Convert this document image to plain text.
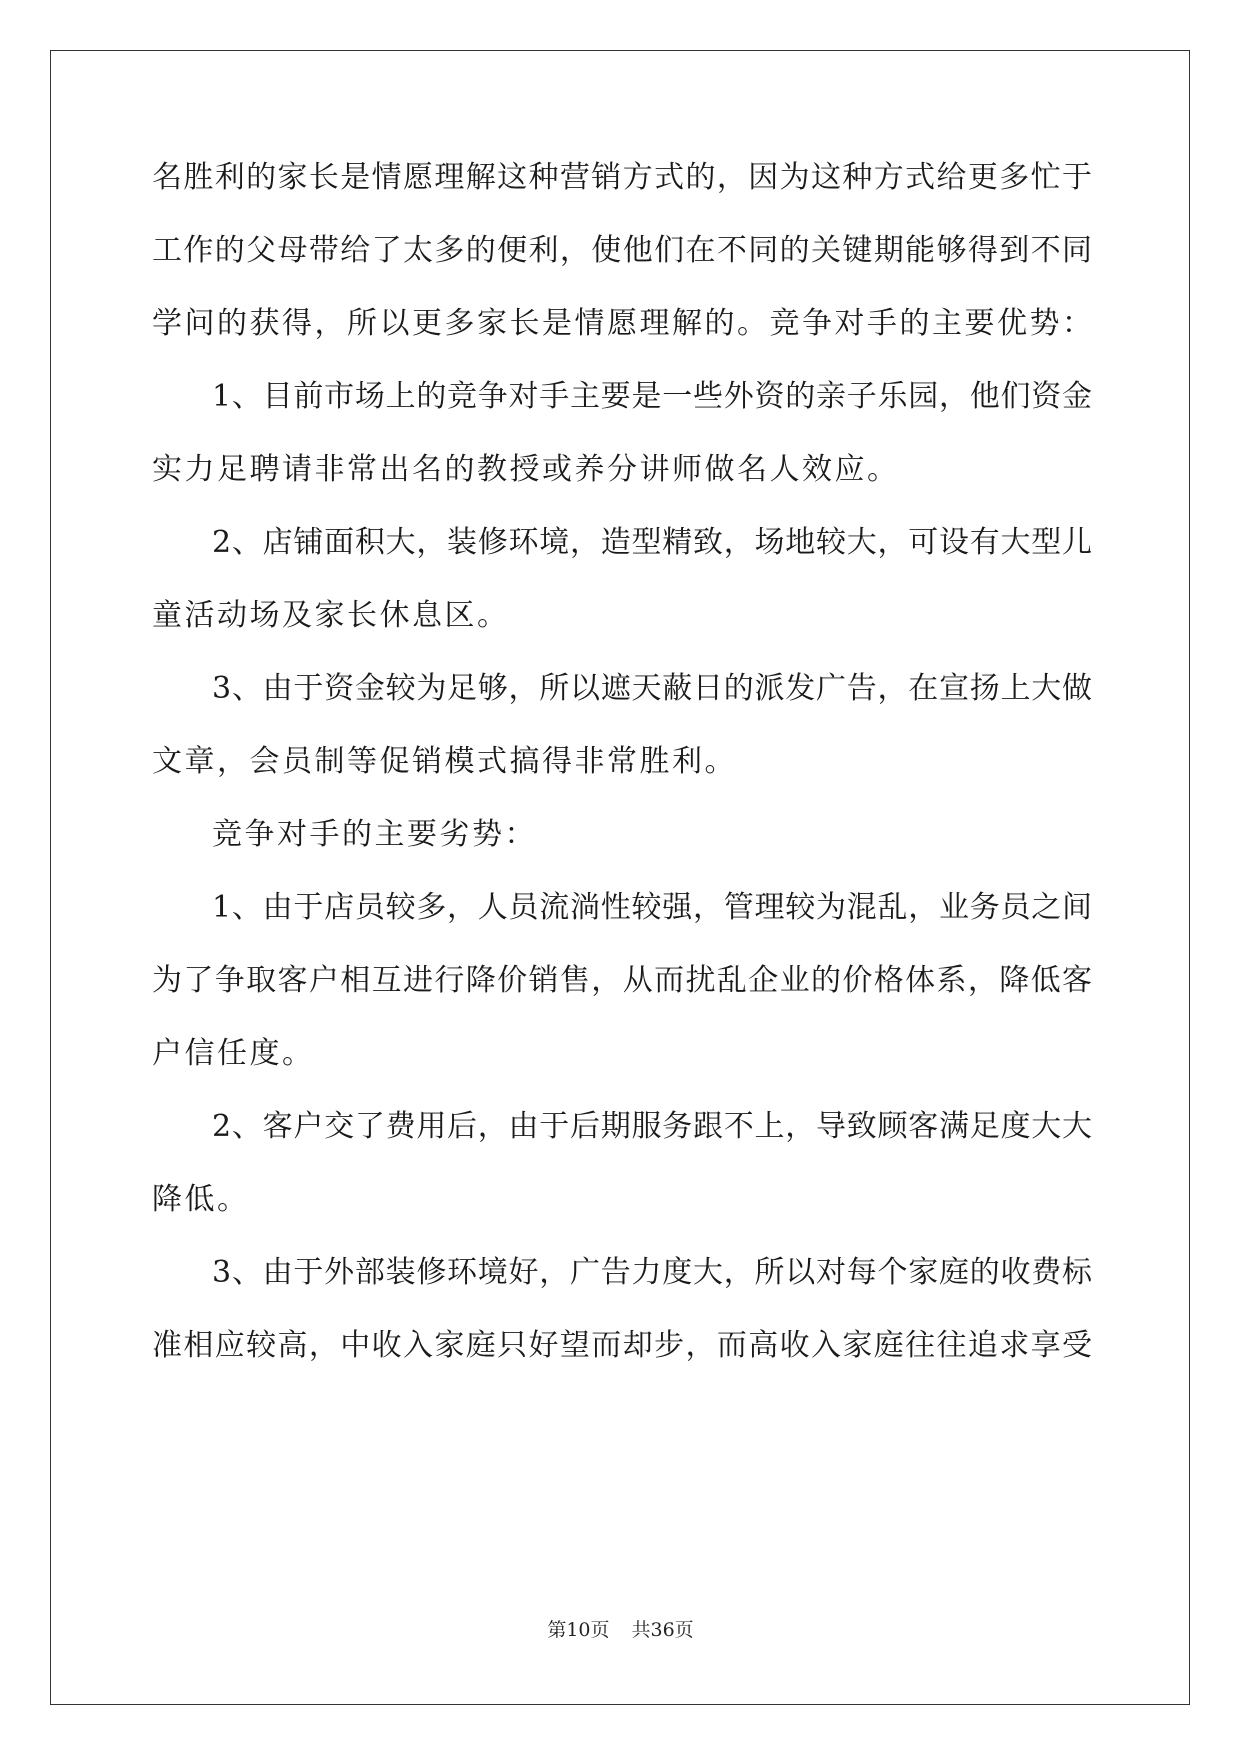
名胜利的家长是情愿理解这种营销方式的，因为这种方式给更多忙于
工作的父母带给了太多的便利，使他们在不同的关键期能够得到不同
学问的获得，所以更多家长是情愿理解的。竞争对手的主要优势：
1、目前市场上的竞争对手主要是一些外资的亲子乐园，他们资金
实力足聘请非常出名的教授或养分讲师做名人效应。
2、店铺面积大，装修环境，造型精致，场地较大，可设有大型儿
童活动场及家长休息区。
3、由于资金较为足够，所以遮天蔽日的派发广告，在宣扬上大做
文章，会员制等促销模式搞得非常胜利。
竞争对手的主要劣势：
1、由于店员较多，人员流淌性较强，管理较为混乱，业务员之间
为了争取客户相互进行降价销售，从而扰乱企业的价格体系，降低客
户信任度。
2、客户交了费用后，由于后期服务跟不上，导致顾客满足度大大
降低。
3、由于外部装修环境好，广告力度大，所以对每个家庭的收费标
准相应较高，中收入家庭只好望而却步，而高收入家庭往往追求享受
第10页 共36页
